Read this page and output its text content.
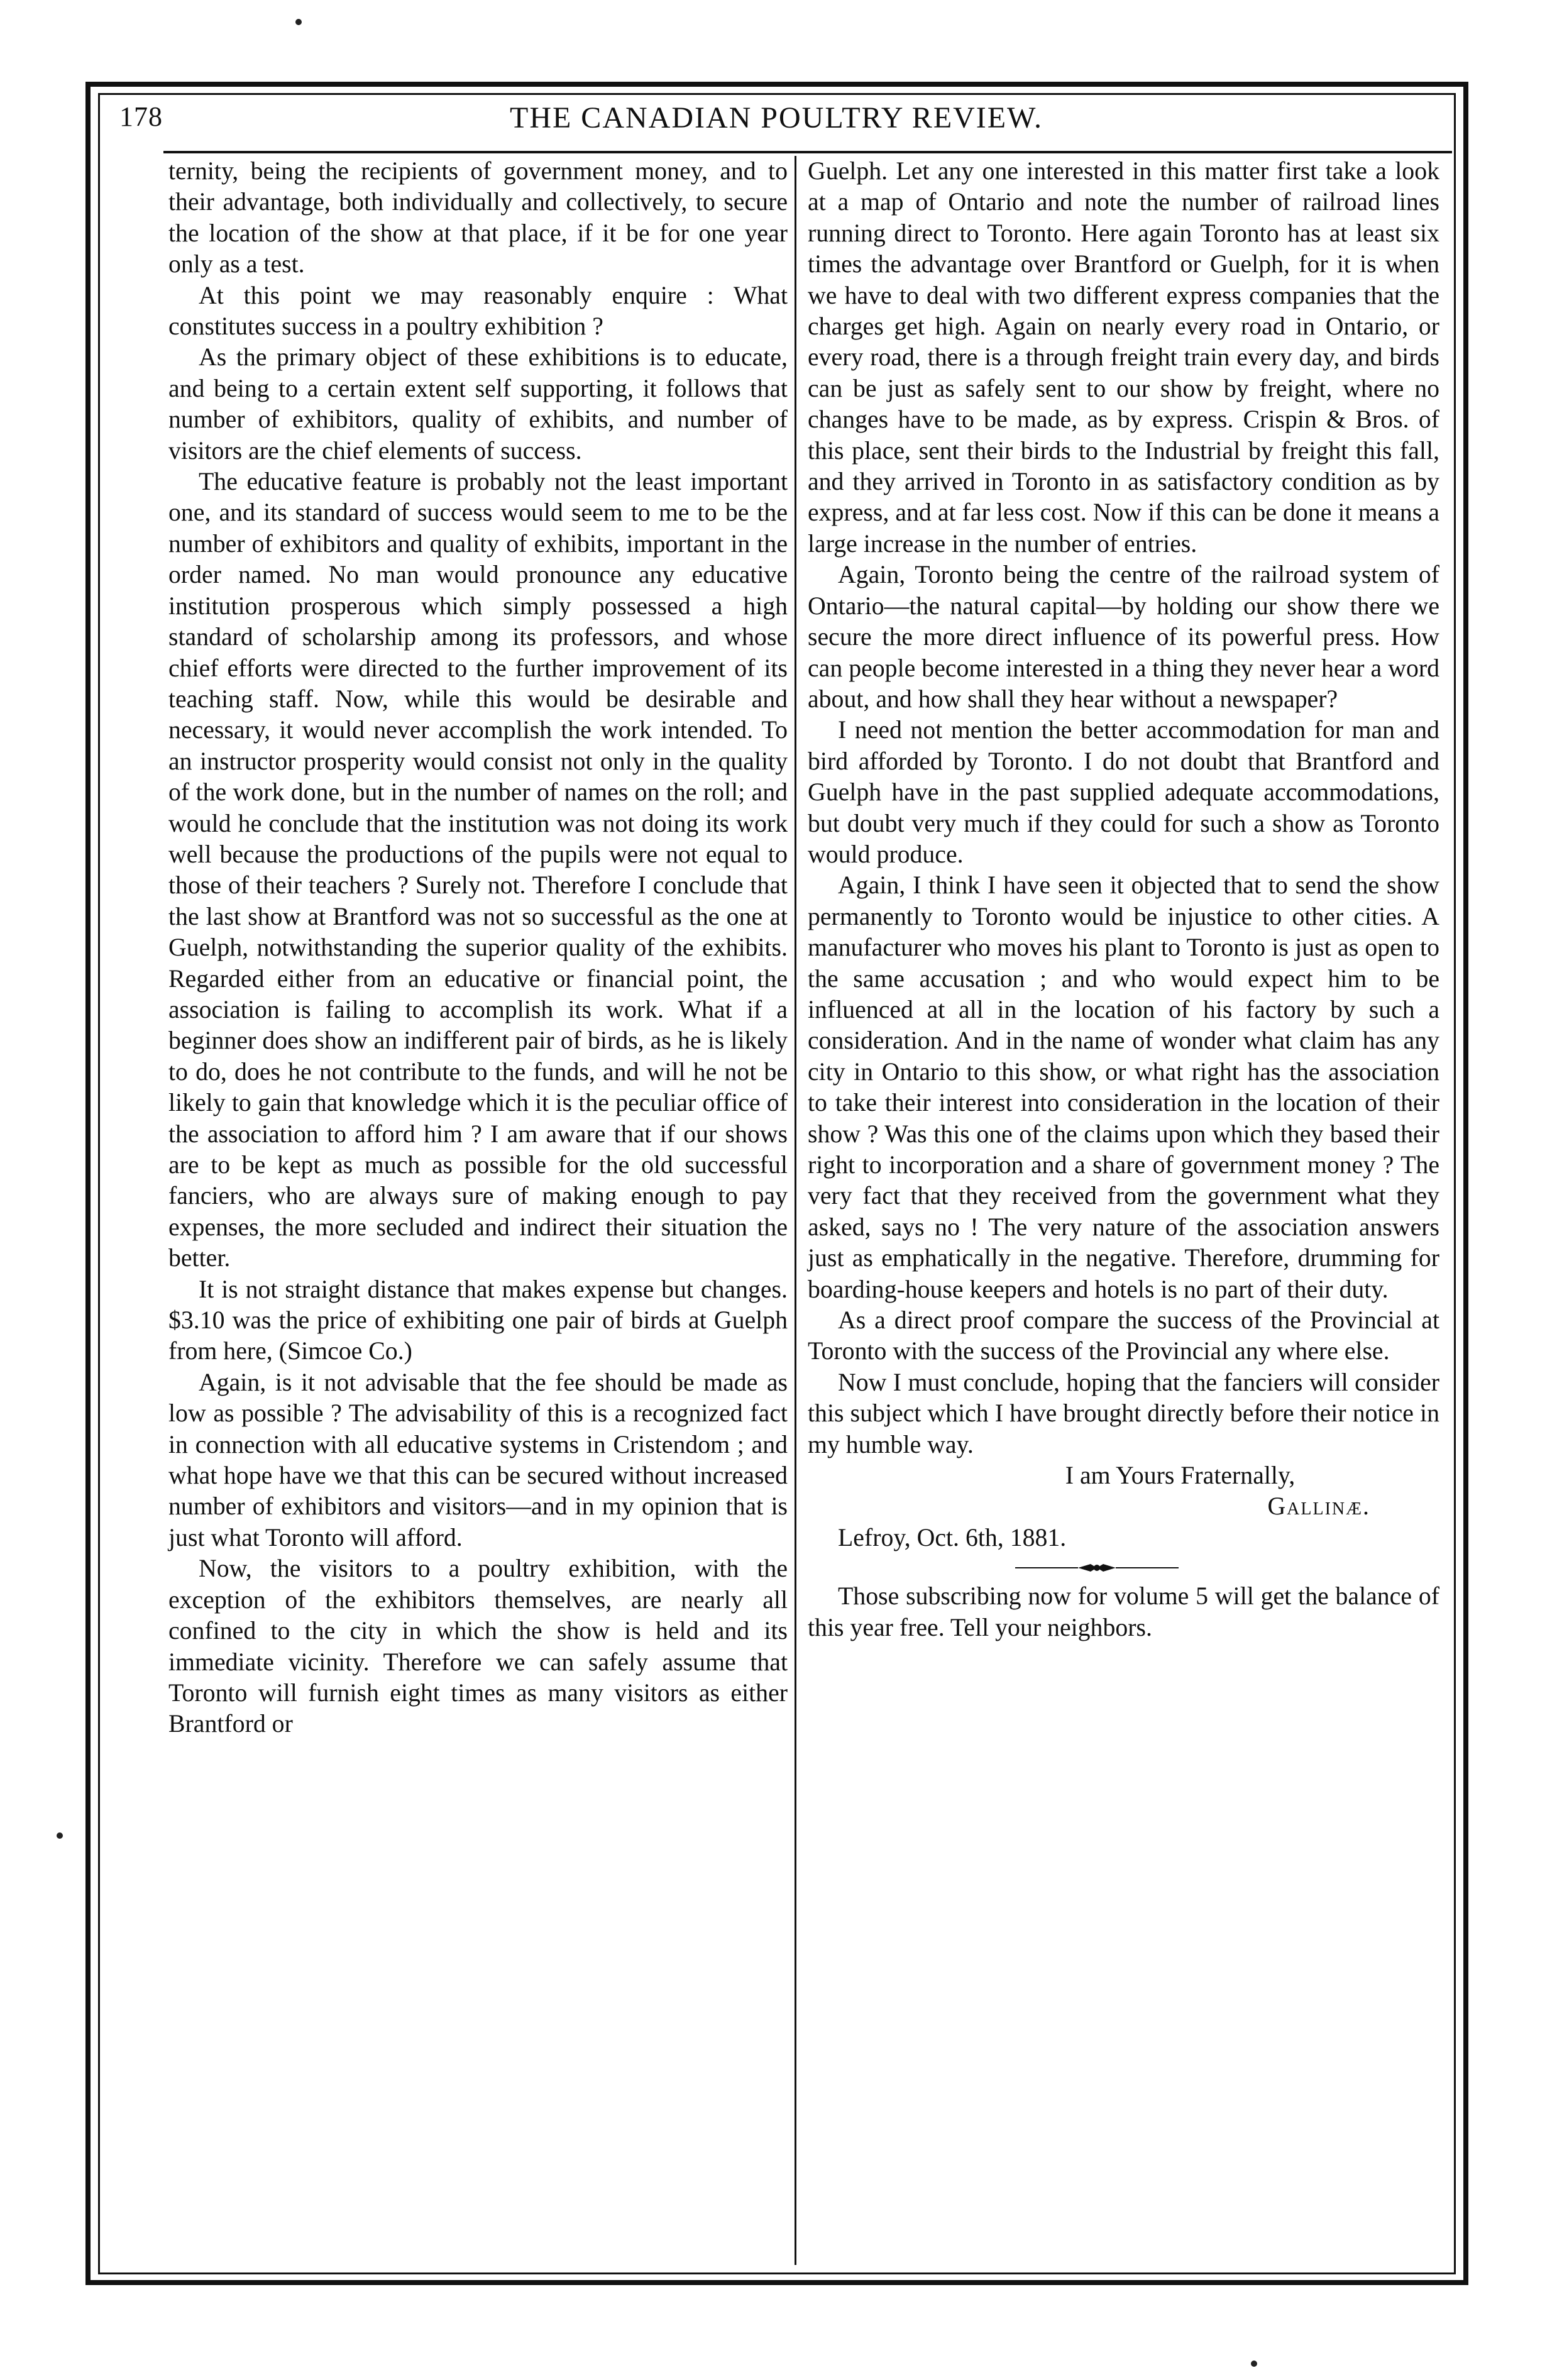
178	THE CANADIAN POULTRY REVIEW.

ternity, being the recipients of government money, and to their advantage, both individually and collectively, to secure the location of the show at that place, if it be for one year only as a test.

At this point we may reasonably enquire : What constitutes success in a poultry exhibition ?

As the primary object of these exhibitions is to educate, and being to a certain extent self supporting, it follows that number of exhibitors, quality of exhibits, and number of visitors are the chief elements of success.

The educative feature is probably not the least important one, and its standard of success would seem to me to be the number of exhibitors and quality of exhibits, important in the order named. No man would pronounce any educative institution prosperous which simply possessed a high standard of scholarship among its professors, and whose chief efforts were directed to the further improvement of its teaching staff. Now, while this would be desirable and necessary, it would never accomplish the work intended. To an instructor prosperity would consist not only in the quality of the work done, but in the number of names on the roll; and would he conclude that the institution was not doing its work well because the productions of the pupils were not equal to those of their teachers ? Surely not. Therefore I conclude that the last show at Brantford was not so successful as the one at Guelph, notwithstanding the superior quality of the exhibits. Regarded either from an educative or financial point, the association is failing to accomplish its work. What if a beginner does show an indifferent pair of birds, as he is likely to do, does he not contribute to the funds, and will he not be likely to gain that knowledge which it is the peculiar office of the association to afford him ? I am aware that if our shows are to be kept as much as possible for the old successful fanciers, who are always sure of making enough to pay expenses, the more secluded and indirect their situation the better.

It is not straight distance that makes expense but changes. $3.10 was the price of exhibiting one pair of birds at Guelph from here, (Simcoe Co.)

Again, is it not advisable that the fee should be made as low as possible ? The advisability of this is a recognized fact in connection with all educative systems in Cristendom ; and what hope have we that this can be secured without increased number of exhibitors and visitors—and in my opinion that is just what Toronto will afford.

Now, the visitors to a poultry exhibition, with the exception of the exhibitors themselves, are nearly all confined to the city in which the show is held and its immediate vicinity. Therefore we can safely assume that Toronto will furnish eight times as many visitors as either Brantford or

Guelph. Let any one interested in this matter first take a look at a map of Ontario and note the number of railroad lines running direct to Toronto. Here again Toronto has at least six times the advantage over Brantford or Guelph, for it is when we have to deal with two different express companies that the charges get high. Again on nearly every road in Ontario, or every road, there is a through freight train every day, and birds can be just as safely sent to our show by freight, where no changes have to be made, as by express. Crispin & Bros. of this place, sent their birds to the Industrial by freight this fall, and they arrived in Toronto in as satisfactory condition as by express, and at far less cost. Now if this can be done it means a large increase in the number of entries.

Again, Toronto being the centre of the railroad system of Ontario—the natural capital—by holding our show there we secure the more direct influence of its powerful press. How can people become interested in a thing they never hear a word about, and how shall they hear without a newspaper?

I need not mention the better accommodation for man and bird afforded by Toronto. I do not doubt that Brantford and Guelph have in the past supplied adequate accommodations, but doubt very much if they could for such a show as Toronto would produce.

Again, I think I have seen it objected that to send the show permanently to Toronto would be injustice to other cities. A manufacturer who moves his plant to Toronto is just as open to the same accusation ; and who would expect him to be influenced at all in the location of his factory by such a consideration. And in the name of wonder what claim has any city in Ontario to this show, or what right has the association to take their interest into consideration in the location of their show ? Was this one of the claims upon which they based their right to incorporation and a share of government money ? The very fact that they received from the government what they asked, says no ! The very nature of the association answers just as emphatically in the negative. Therefore, drumming for boarding-house keepers and hotels is no part of their duty.

As a direct proof compare the success of the Provincial at Toronto with the success of the Provincial any where else.

Now I must conclude, hoping that the fanciers will consider this subject which I have brought directly before their notice in my humble way.

I am Yours Fraternally,
Gallinæ.
Lefroy, Oct. 6th, 1881.

Those subscribing now for volume 5 will get the balance of this year free. Tell your neighbors.
